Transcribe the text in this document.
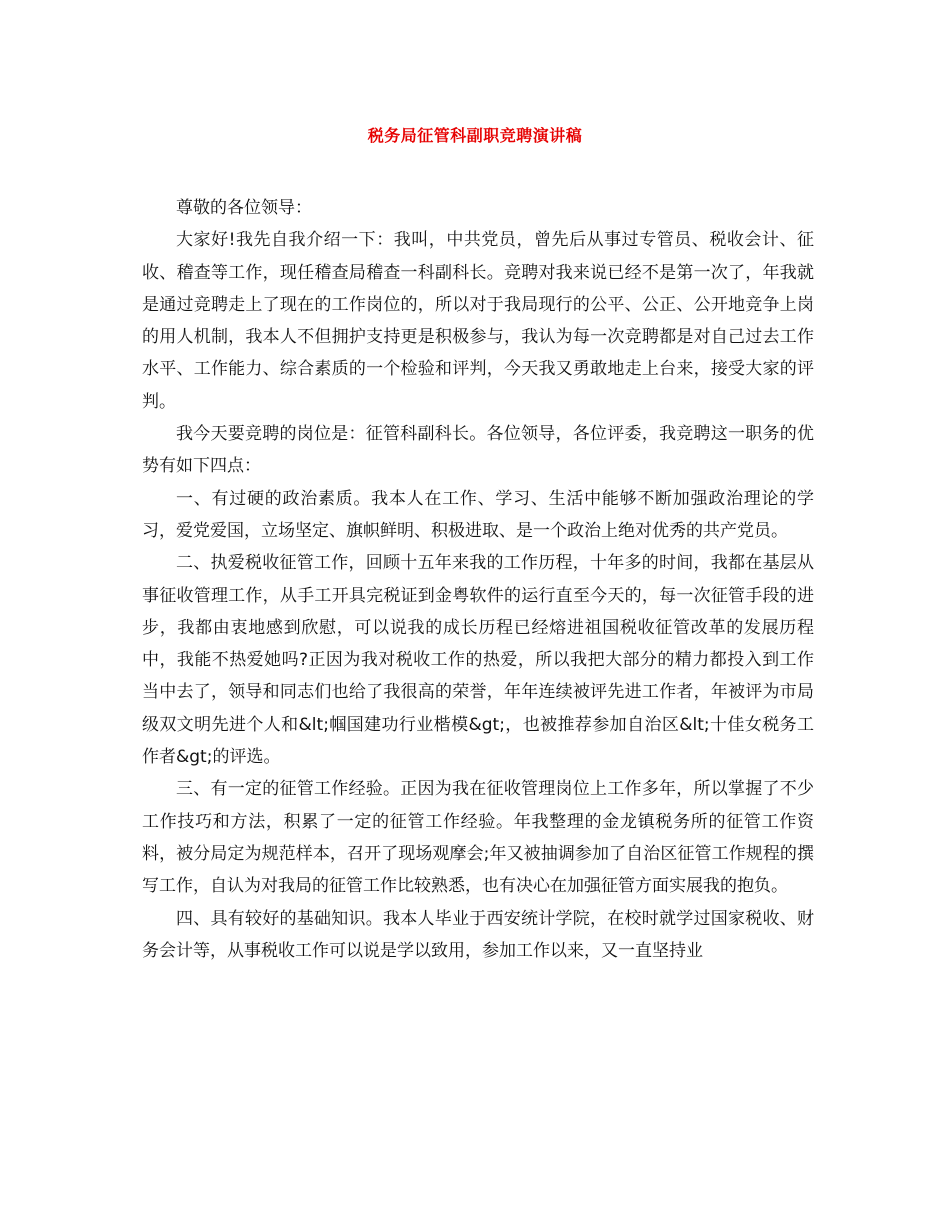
税务局征管科副职竞聘演讲稿

尊敬的各位领导：

大家好!我先自我介绍一下：我叫，中共党员，曾先后从事过专管员、税收会计、征收、稽查等工作，现任稽查局稽查一科副科长。竞聘对我来说已经不是第一次了，年我就是通过竞聘走上了现在的工作岗位的，所以对于我局现行的公平、公正、公开地竞争上岗的用人机制，我本人不但拥护支持更是积极参与，我认为每一次竞聘都是对自己过去工作水平、工作能力、综合素质的一个检验和评判，今天我又勇敢地走上台来，接受大家的评判。

我今天要竞聘的岗位是：征管科副科长。各位领导，各位评委，我竞聘这一职务的优势有如下四点：

一、有过硬的政治素质。我本人在工作、学习、生活中能够不断加强政治理论的学习，爱党爱国，立场坚定、旗帜鲜明、积极进取、是一个政治上绝对优秀的共产党员。

二、执爱税收征管工作，回顾十五年来我的工作历程，十年多的时间，我都在基层从事征收管理工作，从手工开具完税证到金粤软件的运行直至今天的，每一次征管手段的进步，我都由衷地感到欣慰，可以说我的成长历程已经熔进祖国税收征管改革的发展历程中，我能不热爱她吗?正因为我对税收工作的热爱，所以我把大部分的精力都投入到工作当中去了，领导和同志们也给了我很高的荣誉，年年连续被评先进工作者，年被评为市局级双文明先进个人和&lt;帼国建功行业楷模&gt;，也被推荐参加自治区&lt;十佳女税务工作者&gt;的评选。

三、有一定的征管工作经验。正因为我在征收管理岗位上工作多年，所以掌握了不少工作技巧和方法，积累了一定的征管工作经验。年我整理的金龙镇税务所的征管工作资料，被分局定为规范样本，召开了现场观摩会;年又被抽调参加了自治区征管工作规程的撰写工作，自认为对我局的征管工作比较熟悉，也有决心在加强征管方面实展我的抱负。

四、具有较好的基础知识。我本人毕业于西安统计学院，在校时就学过国家税收、财务会计等，从事税收工作可以说是学以致用，参加工作以来，又一直坚持业
